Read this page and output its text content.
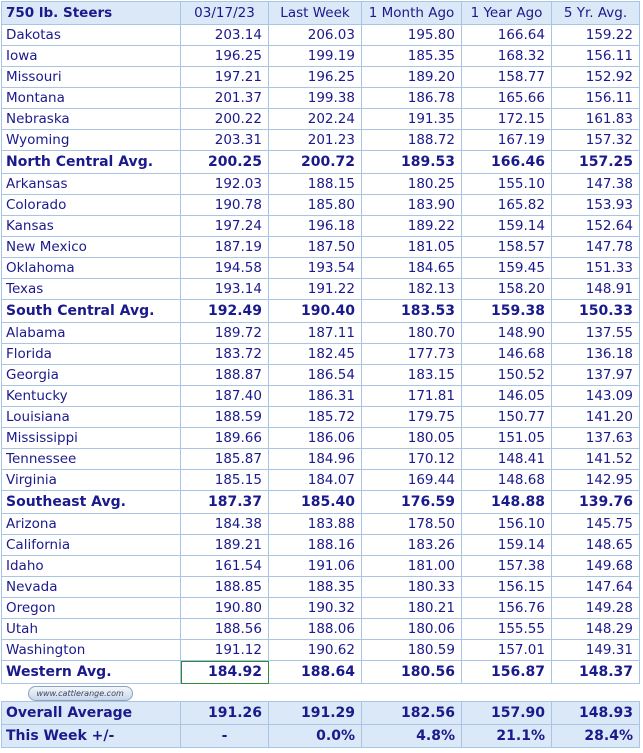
750 lb. Steers	03/17/23	Last Week	1 Month Ago	1 Year Ago	5 Yr. Avg.
Dakotas	203.14	206.03	195.80	166.64	159.22
Iowa	196.25	199.19	185.35	168.32	156.11
Missouri	197.21	196.25	189.20	158.77	152.92
Montana	201.37	199.38	186.78	165.66	156.11
Nebraska	200.22	202.24	191.35	172.15	161.83
Wyoming	203.31	201.23	188.72	167.19	157.32
North Central Avg.	200.25	200.72	189.53	166.46	157.25
Arkansas	192.03	188.15	180.25	155.10	147.38
Colorado	190.78	185.80	183.90	165.82	153.93
Kansas	197.24	196.18	189.22	159.14	152.64
New Mexico	187.19	187.50	181.05	158.57	147.78
Oklahoma	194.58	193.54	184.65	159.45	151.33
Texas	193.14	191.22	182.13	158.20	148.91
South Central Avg.	192.49	190.40	183.53	159.38	150.33
Alabama	189.72	187.11	180.70	148.90	137.55
Florida	183.72	182.45	177.73	146.68	136.18
Georgia	188.87	186.54	183.15	150.52	137.97
Kentucky	187.40	186.31	171.81	146.05	143.09
Louisiana	188.59	185.72	179.75	150.77	141.20
Mississippi	189.66	186.06	180.05	151.05	137.63
Tennessee	185.87	184.96	170.12	148.41	141.52
Virginia	185.15	184.07	169.44	148.68	142.95
Southeast Avg.	187.37	185.40	176.59	148.88	139.76
Arizona	184.38	183.88	178.50	156.10	145.75
California	189.21	188.16	183.26	159.14	148.65
Idaho	161.54	191.06	181.00	157.38	149.68
Nevada	188.85	188.35	180.33	156.15	147.64
Oregon	190.80	190.32	180.21	156.76	149.28
Utah	188.56	188.06	180.06	155.55	148.29
Washington	191.12	190.62	180.59	157.01	149.31
Western Avg.	184.92	188.64	180.56	156.87	148.37
www.cattlerange.com					
Overall Average	191.26	191.29	182.56	157.90	148.93
This Week +/-	-	0.0%	4.8%	21.1%	28.4%
